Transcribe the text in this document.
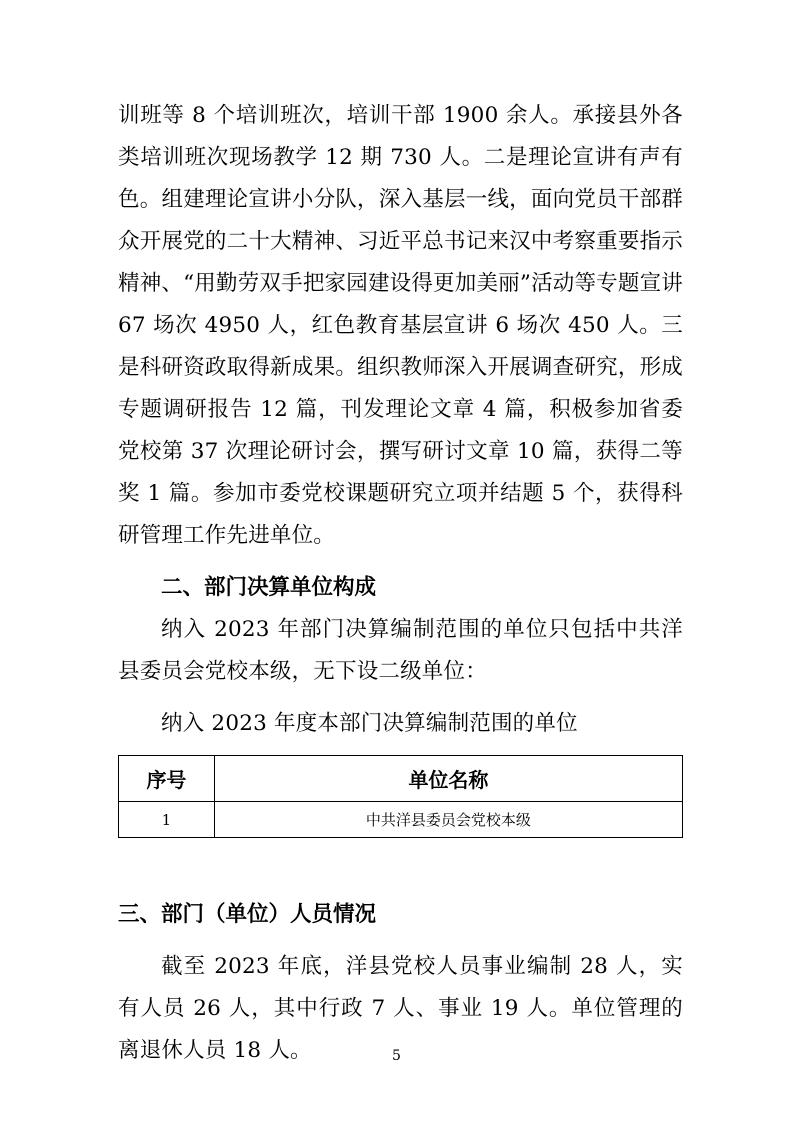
训班等 8 个培训班次，培训干部 1900 余人。承接县外各类培训班次现场教学 12 期 730 人。二是理论宣讲有声有色。组建理论宣讲小分队，深入基层一线，面向党员干部群众开展党的二十大精神、习近平总书记来汉中考察重要指示精神、“用勤劳双手把家园建设得更加美丽”活动等专题宣讲 67 场次 4950 人，红色教育基层宣讲 6 场次 450 人。三是科研资政取得新成果。组织教师深入开展调查研究，形成专题调研报告 12 篇，刊发理论文章 4 篇，积极参加省委党校第 37 次理论研讨会，撰写研讨文章 10 篇，获得二等奖 1 篇。参加市委党校课题研究立项并结题 5 个，获得科研管理工作先进单位。

二、部门决算单位构成

纳入 2023 年部门决算编制范围的单位只包括中共洋县委员会党校本级，无下设二级单位：

纳入 2023 年度本部门决算编制范围的单位

序号	单位名称
1	中共洋县委员会党校本级

三、部门（单位）人员情况

截至 2023 年底，洋县党校人员事业编制 28 人，实有人员 26 人，其中行政 7 人、事业 19 人。单位管理的离退休人员 18 人。	5
